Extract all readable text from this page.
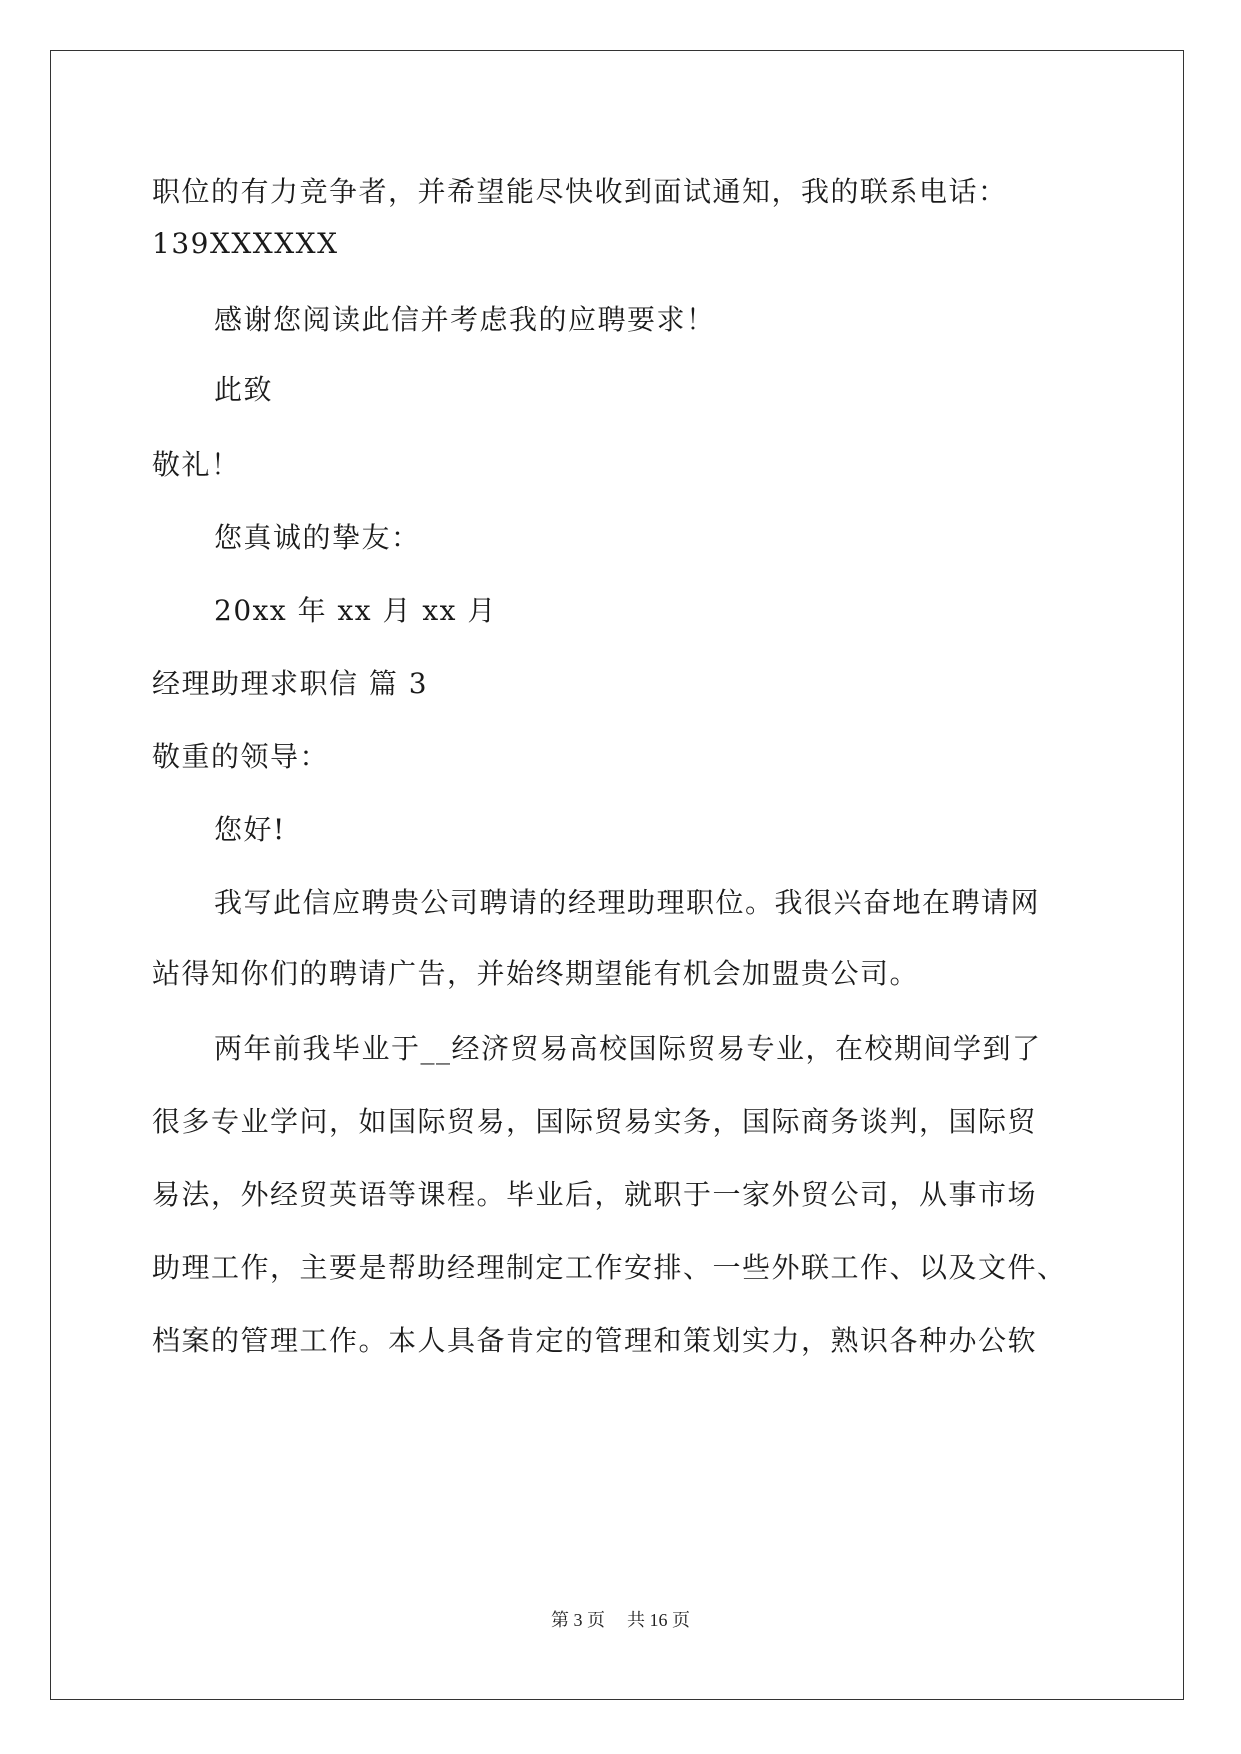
职位的有力竞争者，并希望能尽快收到面试通知，我的联系电话：
139XXXXXX
感谢您阅读此信并考虑我的应聘要求！
此致
敬礼！
您真诚的挚友：
20xx 年 xx 月 xx 月
经理助理求职信 篇 3
敬重的领导：
您好!
我写此信应聘贵公司聘请的经理助理职位。我很兴奋地在聘请网
站得知你们的聘请广告，并始终期望能有机会加盟贵公司。
两年前我毕业于__经济贸易高校国际贸易专业，在校期间学到了
很多专业学问，如国际贸易，国际贸易实务，国际商务谈判，国际贸
易法，外经贸英语等课程。毕业后，就职于一家外贸公司，从事市场
助理工作，主要是帮助经理制定工作安排、一些外联工作、以及文件、
档案的管理工作。本人具备肯定的管理和策划实力，熟识各种办公软
第 3 页 共 16 页
